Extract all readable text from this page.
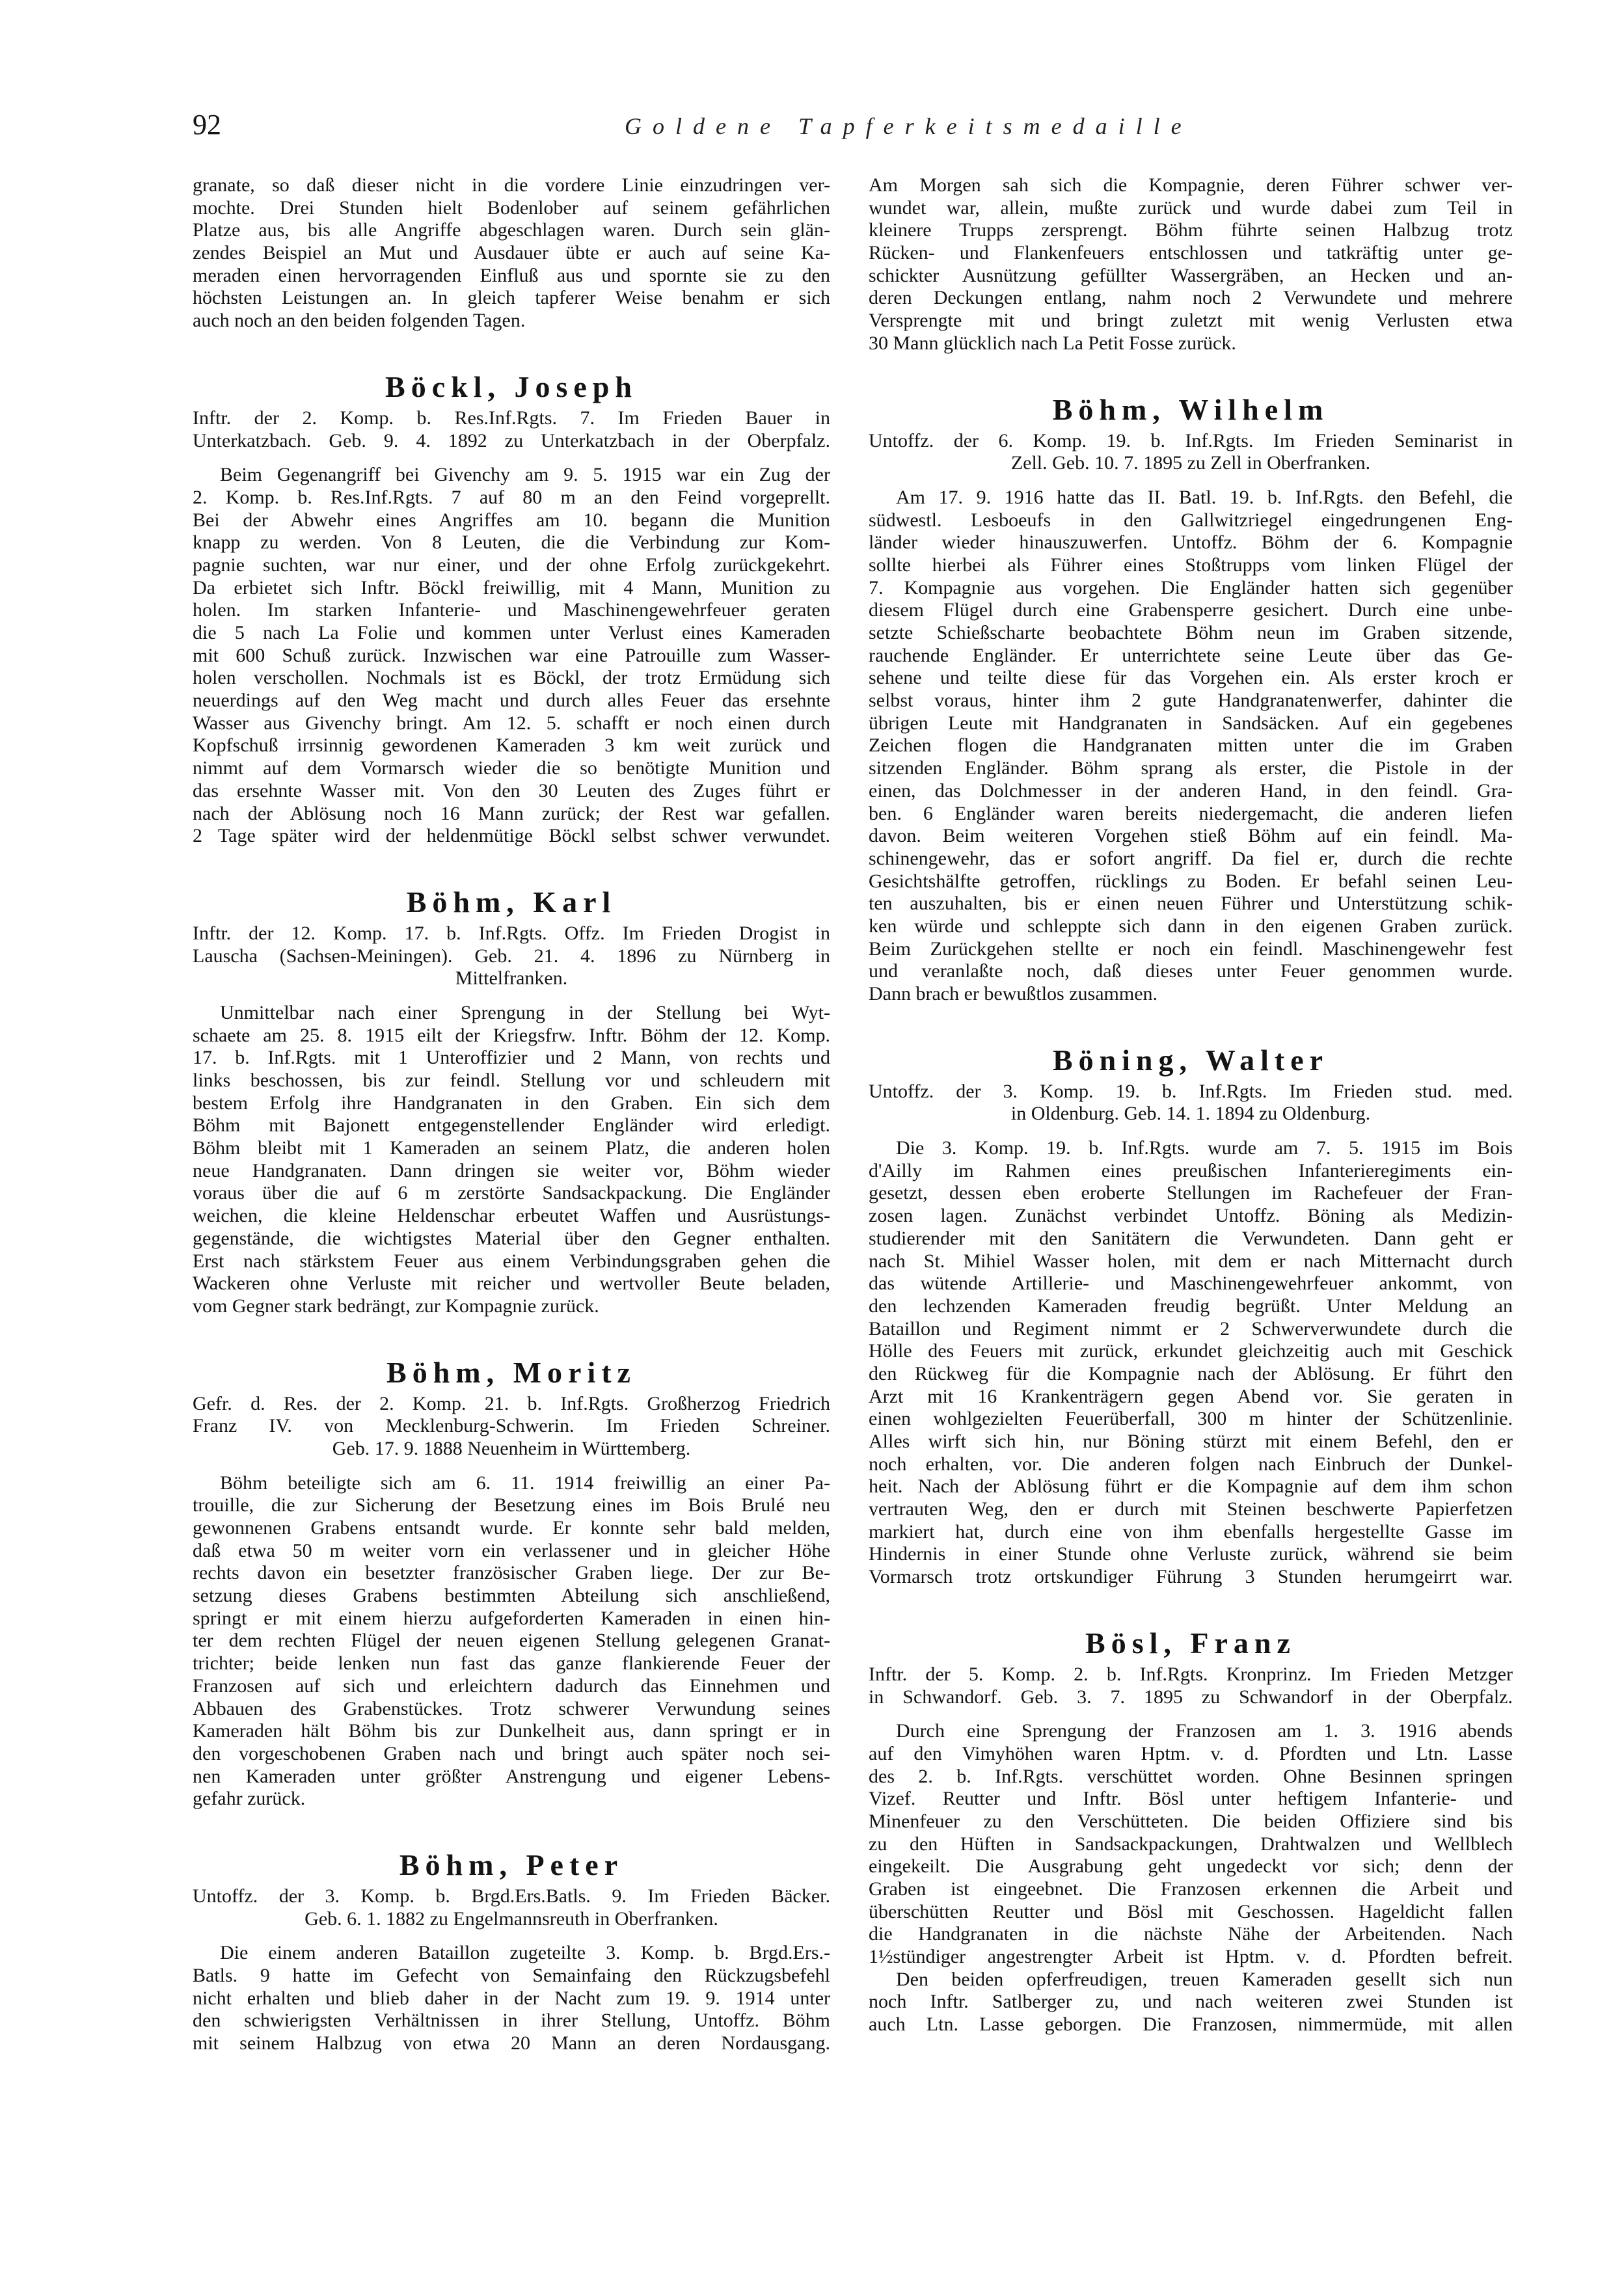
92	Goldene Tapferkeitsmedaille
granate, so daß dieser nicht in die vordere Linie einzudringen ver-
mochte. Drei Stunden hielt Bodenlober auf seinem gefährlichen
Platze aus, bis alle Angriffe abgeschlagen waren. Durch sein glän-
zendes Beispiel an Mut und Ausdauer übte er auch auf seine Ka-
meraden einen hervorragenden Einfluß aus und spornte sie zu den
höchsten Leistungen an. In gleich tapferer Weise benahm er sich
auch noch an den beiden folgenden Tagen.
Böckl, Joseph
Inftr. der 2. Komp. b. Res.Inf.Rgts. 7. Im Frieden Bauer in
Unterkatzbach. Geb. 9. 4. 1892 zu Unterkatzbach in der Oberpfalz.
Beim Gegenangriff bei Givenchy am 9. 5. 1915 war ein Zug der
2. Komp. b. Res.Inf.Rgts. 7 auf 80 m an den Feind vorgeprellt.
Bei der Abwehr eines Angriffes am 10. begann die Munition
knapp zu werden. Von 8 Leuten, die die Verbindung zur Kom-
pagnie suchten, war nur einer, und der ohne Erfolg zurückgekehrt.
Da erbietet sich Inftr. Böckl freiwillig, mit 4 Mann, Munition zu
holen. Im starken Infanterie- und Maschinengewehrfeuer geraten
die 5 nach La Folie und kommen unter Verlust eines Kameraden
mit 600 Schuß zurück. Inzwischen war eine Patrouille zum Wasser-
holen verschollen. Nochmals ist es Böckl, der trotz Ermüdung sich
neuerdings auf den Weg macht und durch alles Feuer das ersehnte
Wasser aus Givenchy bringt. Am 12. 5. schafft er noch einen durch
Kopfschuß irrsinnig gewordenen Kameraden 3 km weit zurück und
nimmt auf dem Vormarsch wieder die so benötigte Munition und
das ersehnte Wasser mit. Von den 30 Leuten des Zuges führt er
nach der Ablösung noch 16 Mann zurück; der Rest war gefallen.
2 Tage später wird der heldenmütige Böckl selbst schwer verwundet.
Böhm, Karl
Inftr. der 12. Komp. 17. b. Inf.Rgts. Offz. Im Frieden Drogist in
Lauscha (Sachsen-Meiningen). Geb. 21. 4. 1896 zu Nürnberg in
Mittelfranken.
Unmittelbar nach einer Sprengung in der Stellung bei Wyt-
schaete am 25. 8. 1915 eilt der Kriegsfrw. Inftr. Böhm der 12. Komp.
17. b. Inf.Rgts. mit 1 Unteroffizier und 2 Mann, von rechts und
links beschossen, bis zur feindl. Stellung vor und schleudern mit
bestem Erfolg ihre Handgranaten in den Graben. Ein sich dem
Böhm mit Bajonett entgegenstellender Engländer wird erledigt.
Böhm bleibt mit 1 Kameraden an seinem Platz, die anderen holen
neue Handgranaten. Dann dringen sie weiter vor, Böhm wieder
voraus über die auf 6 m zerstörte Sandsackpackung. Die Engländer
weichen, die kleine Heldenschar erbeutet Waffen und Ausrüstungs-
gegenstände, die wichtigstes Material über den Gegner enthalten.
Erst nach stärkstem Feuer aus einem Verbindungsgraben gehen die
Wackeren ohne Verluste mit reicher und wertvoller Beute beladen,
vom Gegner stark bedrängt, zur Kompagnie zurück.
Böhm, Moritz
Gefr. d. Res. der 2. Komp. 21. b. Inf.Rgts. Großherzog Friedrich
Franz IV. von Mecklenburg-Schwerin. Im Frieden Schreiner.
Geb. 17. 9. 1888 Neuenheim in Württemberg.
Böhm beteiligte sich am 6. 11. 1914 freiwillig an einer Pa-
trouille, die zur Sicherung der Besetzung eines im Bois Brulé neu
gewonnenen Grabens entsandt wurde. Er konnte sehr bald melden,
daß etwa 50 m weiter vorn ein verlassener und in gleicher Höhe
rechts davon ein besetzter französischer Graben liege. Der zur Be-
setzung dieses Grabens bestimmten Abteilung sich anschließend,
springt er mit einem hierzu aufgeforderten Kameraden in einen hin-
ter dem rechten Flügel der neuen eigenen Stellung gelegenen Granat-
trichter; beide lenken nun fast das ganze flankierende Feuer der
Franzosen auf sich und erleichtern dadurch das Einnehmen und
Abbauen des Grabenstückes. Trotz schwerer Verwundung seines
Kameraden hält Böhm bis zur Dunkelheit aus, dann springt er in
den vorgeschobenen Graben nach und bringt auch später noch sei-
nen Kameraden unter größter Anstrengung und eigener Lebens-
gefahr zurück.
Böhm, Peter
Untoffz. der 3. Komp. b. Brgd.Ers.Batls. 9. Im Frieden Bäcker.
Geb. 6. 1. 1882 zu Engelmannsreuth in Oberfranken.
Die einem anderen Bataillon zugeteilte 3. Komp. b. Brgd.Ers.-
Batls. 9 hatte im Gefecht von Semainfaing den Rückzugsbefehl
nicht erhalten und blieb daher in der Nacht zum 19. 9. 1914 unter
den schwierigsten Verhältnissen in ihrer Stellung, Untoffz. Böhm
mit seinem Halbzug von etwa 20 Mann an deren Nordausgang.
Am Morgen sah sich die Kompagnie, deren Führer schwer ver-
wundet war, allein, mußte zurück und wurde dabei zum Teil in
kleinere Trupps zersprengt. Böhm führte seinen Halbzug trotz
Rücken- und Flankenfeuers entschlossen und tatkräftig unter ge-
schickter Ausnützung gefüllter Wassergräben, an Hecken und an-
deren Deckungen entlang, nahm noch 2 Verwundete und mehrere
Versprengte mit und bringt zuletzt mit wenig Verlusten etwa
30 Mann glücklich nach La Petit Fosse zurück.
Böhm, Wilhelm
Untoffz. der 6. Komp. 19. b. Inf.Rgts. Im Frieden Seminarist in
Zell. Geb. 10. 7. 1895 zu Zell in Oberfranken.
Am 17. 9. 1916 hatte das II. Batl. 19. b. Inf.Rgts. den Befehl, die
südwestl. Lesboeufs in den Gallwitzriegel eingedrungenen Eng-
länder wieder hinauszuwerfen. Untoffz. Böhm der 6. Kompagnie
sollte hierbei als Führer eines Stoßtrupps vom linken Flügel der
7. Kompagnie aus vorgehen. Die Engländer hatten sich gegenüber
diesem Flügel durch eine Grabensperre gesichert. Durch eine unbe-
setzte Schießscharte beobachtete Böhm neun im Graben sitzende,
rauchende Engländer. Er unterrichtete seine Leute über das Ge-
sehene und teilte diese für das Vorgehen ein. Als erster kroch er
selbst voraus, hinter ihm 2 gute Handgranatenwerfer, dahinter die
übrigen Leute mit Handgranaten in Sandsäcken. Auf ein gegebenes
Zeichen flogen die Handgranaten mitten unter die im Graben
sitzenden Engländer. Böhm sprang als erster, die Pistole in der
einen, das Dolchmesser in der anderen Hand, in den feindl. Gra-
ben. 6 Engländer waren bereits niedergemacht, die anderen liefen
davon. Beim weiteren Vorgehen stieß Böhm auf ein feindl. Ma-
schinengewehr, das er sofort angriff. Da fiel er, durch die rechte
Gesichtshälfte getroffen, rücklings zu Boden. Er befahl seinen Leu-
ten auszuhalten, bis er einen neuen Führer und Unterstützung schik-
ken würde und schleppte sich dann in den eigenen Graben zurück.
Beim Zurückgehen stellte er noch ein feindl. Maschinengewehr fest
und veranlaßte noch, daß dieses unter Feuer genommen wurde.
Dann brach er bewußtlos zusammen.
Böning, Walter
Untoffz. der 3. Komp. 19. b. Inf.Rgts. Im Frieden stud. med.
in Oldenburg. Geb. 14. 1. 1894 zu Oldenburg.
Die 3. Komp. 19. b. Inf.Rgts. wurde am 7. 5. 1915 im Bois
d'Ailly im Rahmen eines preußischen Infanterieregiments ein-
gesetzt, dessen eben eroberte Stellungen im Rachefeuer der Fran-
zosen lagen. Zunächst verbindet Untoffz. Böning als Medizin-
studierender mit den Sanitätern die Verwundeten. Dann geht er
nach St. Mihiel Wasser holen, mit dem er nach Mitternacht durch
das wütende Artillerie- und Maschinengewehrfeuer ankommt, von
den lechzenden Kameraden freudig begrüßt. Unter Meldung an
Bataillon und Regiment nimmt er 2 Schwerverwundete durch die
Hölle des Feuers mit zurück, erkundet gleichzeitig auch mit Geschick
den Rückweg für die Kompagnie nach der Ablösung. Er führt den
Arzt mit 16 Krankenträgern gegen Abend vor. Sie geraten in
einen wohlgezielten Feuerüberfall, 300 m hinter der Schützenlinie.
Alles wirft sich hin, nur Böning stürzt mit einem Befehl, den er
noch erhalten, vor. Die anderen folgen nach Einbruch der Dunkel-
heit. Nach der Ablösung führt er die Kompagnie auf dem ihm schon
vertrauten Weg, den er durch mit Steinen beschwerte Papierfetzen
markiert hat, durch eine von ihm ebenfalls hergestellte Gasse im
Hindernis in einer Stunde ohne Verluste zurück, während sie beim
Vormarsch trotz ortskundiger Führung 3 Stunden herumgeirrt war.
Bösl, Franz
Inftr. der 5. Komp. 2. b. Inf.Rgts. Kronprinz. Im Frieden Metzger
in Schwandorf. Geb. 3. 7. 1895 zu Schwandorf in der Oberpfalz.
Durch eine Sprengung der Franzosen am 1. 3. 1916 abends
auf den Vimyhöhen waren Hptm. v. d. Pfordten und Ltn. Lasse
des 2. b. Inf.Rgts. verschüttet worden. Ohne Besinnen springen
Vizef. Reutter und Inftr. Bösl unter heftigem Infanterie- und
Minenfeuer zu den Verschütteten. Die beiden Offiziere sind bis
zu den Hüften in Sandsackpackungen, Drahtwalzen und Wellblech
eingekeilt. Die Ausgrabung geht ungedeckt vor sich; denn der
Graben ist eingeebnet. Die Franzosen erkennen die Arbeit und
überschütten Reutter und Bösl mit Geschossen. Hageldicht fallen
die Handgranaten in die nächste Nähe der Arbeitenden. Nach
1½stündiger angestrengter Arbeit ist Hptm. v. d. Pfordten befreit.
Den beiden opferfreudigen, treuen Kameraden gesellt sich nun
noch Inftr. Satlberger zu, und nach weiteren zwei Stunden ist
auch Ltn. Lasse geborgen. Die Franzosen, nimmermüde, mit allen
